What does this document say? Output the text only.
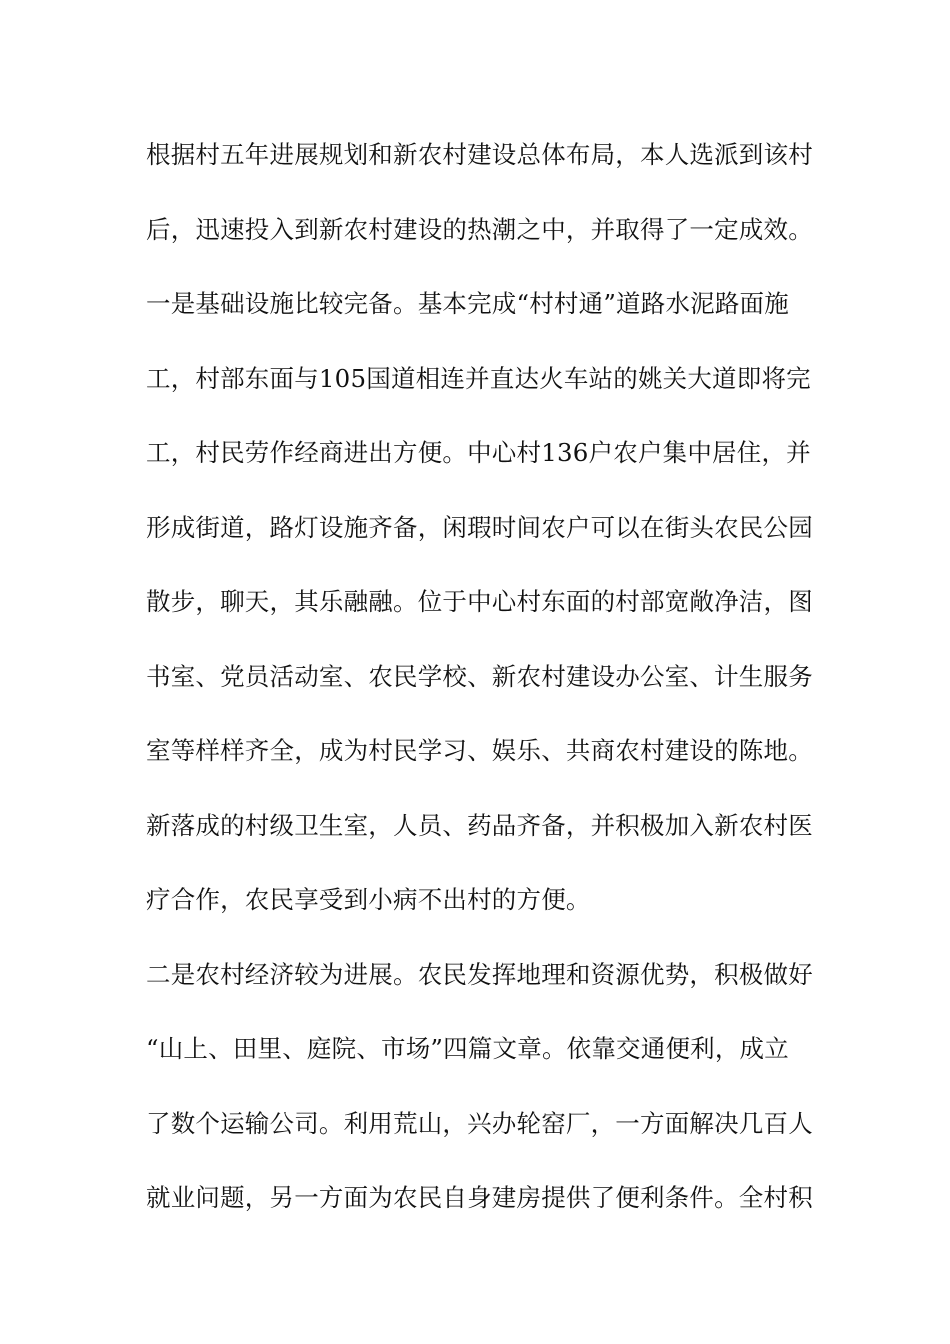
根据村五年进展规划和新农村建设总体布局，本人选派到该村
后，迅速投入到新农村建设的热潮之中，并取得了一定成效。
一是基础设施比较完备。基本完成“村村通”道路水泥路面施
工，村部东面与105国道相连并直达火车站的姚关大道即将完
工，村民劳作经商进出方便。中心村136户农户集中居住，并
形成街道，路灯设施齐备，闲瑕时间农户可以在街头农民公园
散步，聊天，其乐融融。位于中心村东面的村部宽敞净洁，图
书室、党员活动室、农民学校、新农村建设办公室、计生服务
室等样样齐全，成为村民学习、娱乐、共商农村建设的陈地。
新落成的村级卫生室，人员、药品齐备，并积极加入新农村医
疗合作，农民享受到小病不出村的方便。
二是农村经济较为进展。农民发挥地理和资源优势，积极做好
“山上、田里、庭院、市场”四篇文章。依靠交通便利，成立
了数个运输公司。利用荒山，兴办轮窑厂，一方面解决几百人
就业问题，另一方面为农民自身建房提供了便利条件。全村积
